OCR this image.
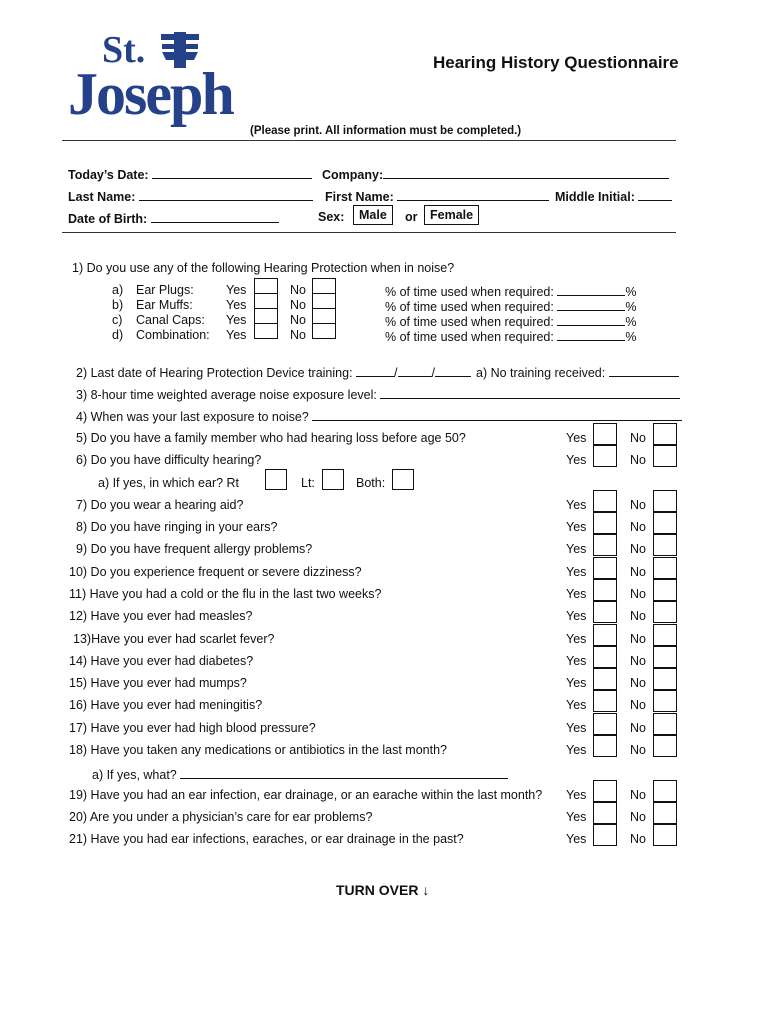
St.
Joseph	Hearing History Questionnaire
(Please print. All information must be completed.)
Today’s Date:	Company:
Last Name:	First Name:	Middle Initial:
Date of Birth:	Sex:	Male	or	Female
1) Do you use any of the following Hearing Protection when in noise?
a) Ear Plugs:	Yes	No	% of time used when required:	%
b) Ear Muffs:	Yes	No	% of time used when required:	%
c) Canal Caps: Yes	No	% of time used when required:	%
d) Combination: Yes	No	% of time used when required:	%
2) Last date of Hearing Protection Device training:	/	/	a) No training received:
3) 8-hour time weighted average noise exposure level:
4) When was your last exposure to noise?
5) Do you have a family member who had hearing loss before age 50?	Yes	No
6) Do you have difficulty hearing?	Yes	No
7) Do you wear a hearing aid?	Yes	No
8) Do you have ringing in your ears?	Yes	No
9) Do you have frequent allergy problems?	Yes	No
10) Do you experience frequent or severe dizziness?	Yes	No
11) Have you had a cold or the flu in the last two weeks?	Yes	No
12) Have you ever had measles?	Yes	No
13)Have you ever had scarlet fever?	Yes	No
14) Have you ever had diabetes?	Yes	No
15) Have you ever had mumps?	Yes	No
16) Have you ever had meningitis?	Yes	No
17) Have you ever had high blood pressure?	Yes	No
18) Have you taken any medications or antibiotics in the last month?	Yes	No
19) Have you had an ear infection, ear drainage, or an earache within the last month? Yes	No
20) Are you under a physician’s care for ear problems?	Yes	No
21) Have you had ear infections, earaches, or ear drainage in the past?	Yes	No
a) If yes, in which ear? Rt	Lt:	Both:
a) If yes, what?
TURN OVER ↓
